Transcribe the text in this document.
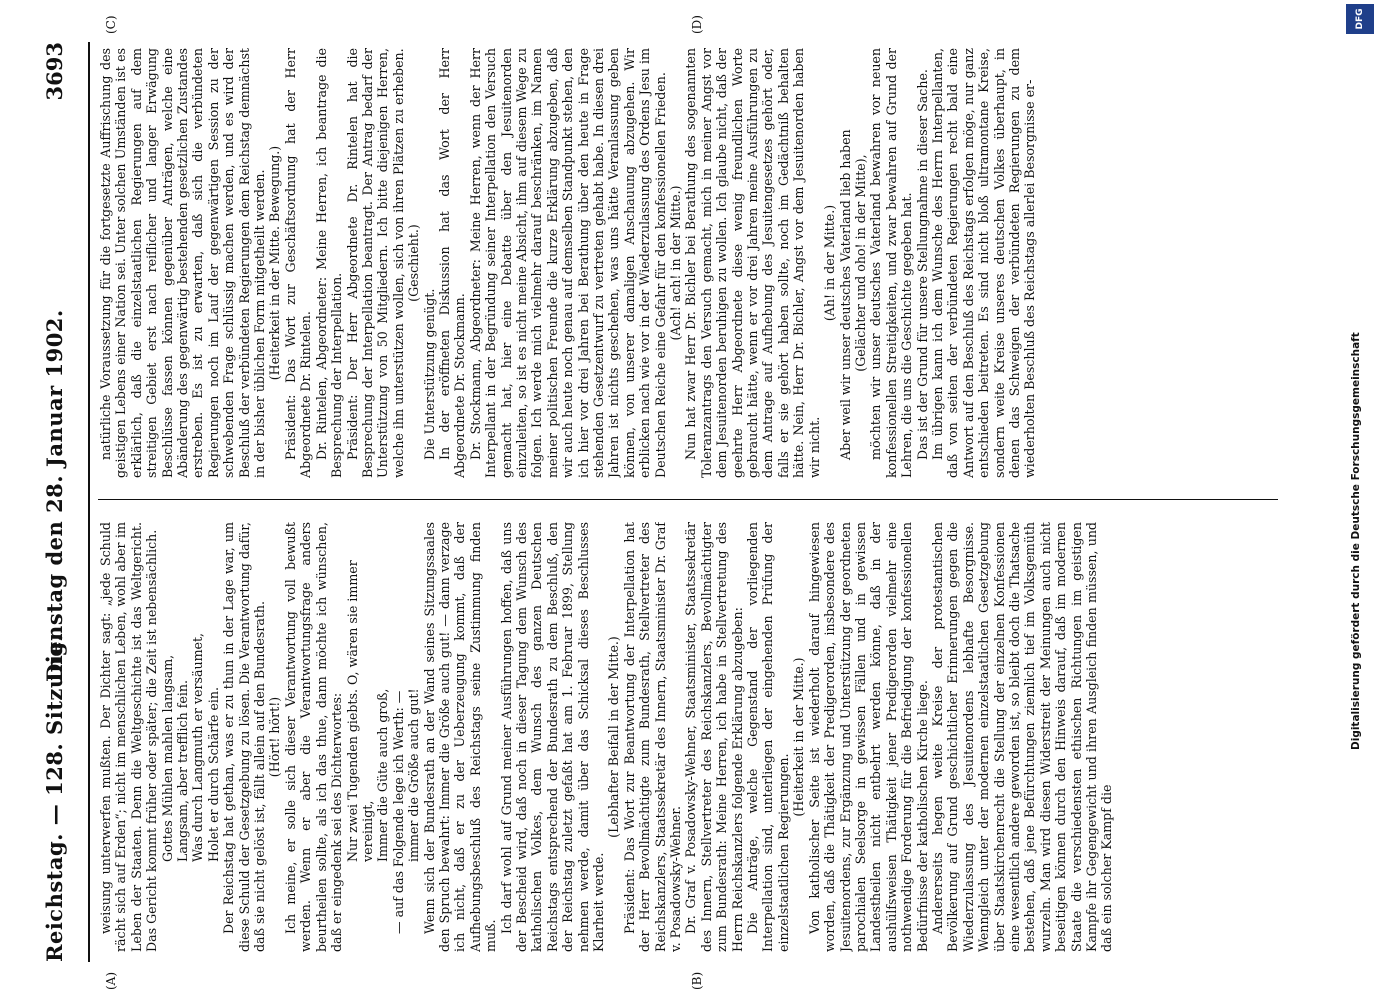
Reichstag. — 128. Sitzung.
Dienstag den 28. Januar 1902.
3693
(A)	(B)
(C)	(D)

weisung unterwerfen mußten. Der Dichter sagt: „jede Schuld rächt sich auf Erden“; nicht im menschlichen Leben, wohl aber im Leben der Staaten. Denn die Weltgeschichte ist das Weltgericht. Das Gericht kommt früher oder später; die Zeit ist nebensächlich. Gottes Mühlen mahlen langsam, Langsam, aber trefflich fein. Was durch Langmuth er versäumet, Holet er durch Schärfe ein. Der Reichstag hat gethan, was er zu thun in der Lage war, um diese Schuld der Gesetzgebung zu lösen. Die Verantwortung dafür, daß sie nicht gelöst ist, fällt allein auf den Bundesrath. (Hört! hört!) Ich meine, er solle sich dieser Verantwortung voll bewußt werden. Wenn er aber die Verantwortungsfrage anders beurtheilen sollte, als ich das thue, dann möchte ich wünschen, daß er eingedenk sei des Dichterwortes: Nur zwei Tugenden giebts. O, wären sie immer vereinigt, Immer die Güte auch groß, — auf das Folgende lege ich Werth: — immer die Größe auch gut! Wenn sich der Bundesrath an der Wand seines Sitzungssaales den Spruch bewahrt: Immer die Größe auch gut! — dann verzage ich nicht, daß er zu der Ueberzeugung kommt, daß der Aufhebungsbeschluß des Reichstags seine Zustimmung finden muß.

Ich darf wohl auf Grund meiner Ausführungen hoffen, daß uns der Bescheid wird, daß noch in dieser Tagung dem Wunsch des katholischen Volkes, dem Wunsch des ganzen Deutschen Reichstags entsprechend der Bundesrath zu dem Beschluß, den der Reichstag zuletzt gefaßt hat am 1. Februar 1899, Stellung nehmen werde, damit über das Schicksal dieses Beschlusses Klarheit werde.

(Lebhafter Beifall in der Mitte.) Präsident: Das Wort zur Beantwortung der Interpellation hat der Herr Bevollmächtigte zum Bundesrath, Stellvertreter des Reichskanzlers, Staatssekretär des Innern, Staatsminister Dr. Graf v. Posadowsky-Wehner. Dr. Graf v. Posadowsky-Wehner, Staatsminister, Staatssekretär des Innern, Stellvertreter des Reichskanzlers, Bevollmächtigter zum Bundesrath: Meine Herren, ich habe in Stellvertretung des Herrn Reichskanzlers folgende Erklärung abzugeben: Die Anträge, welche Gegenstand der vorliegenden Interpellation sind, unterliegen der eingehenden Prüfung der einzelstaatlichen Regierungen.

(Heiterkeit in der Mitte.) Von katholischer Seite ist wiederholt darauf hingewiesen worden, daß die Thätigkeit der Predigerorden, insbesondere des Jesuitenordens, zur Ergänzung und Unterstützung der geordneten parochialen Seelsorge in gewissen Fällen und in gewissen Landestheilen nicht entbehrt werden könne, daß in der aushülfsweisen Thätigkeit jener Predigerorden vielmehr eine nothwendige Forderung für die Befriedigung der konfessionellen Bedürfnisse der katholischen Kirche liege. Andererseits hegen weite Kreise der protestantischen Bevölkerung auf Grund geschichtlicher Erinnerungen gegen die Wiederzulassung des Jesuitenordens lebhafte Besorgnisse. Wenngleich unter der modernen einzelstaatlichen Gesetzgebung über Staatskirchenrecht die Stellung der einzelnen Konfessionen eine wesentlich andere geworden ist, so bleibt doch die Thatsache bestehen, daß jene Befürchtungen ziemlich tief im Volksgemüth wurzeln. Man wird diesen Widerstreit der Meinungen auch nicht beseitigen können durch den Hinweis darauf, daß im modernen Staate die verschiedensten ethischen Richtungen im geistigen Kampfe ihr Gegengewicht und ihren Ausgleich finden müssen, und daß ein solcher Kampf die

natürliche Voraussetzung für die fortgesetzte Auffrischung des geistigen Lebens einer Nation sei. Unter solchen Umständen ist es erklärlich, daß die einzelstaatlichen Regierungen auf dem streitigen Gebiet erst nach reiflicher und langer Erwägung Beschlüsse fassen können gegenüber Anträgen, welche eine Abänderung des gegenwärtig bestehenden gesetzlichen Zustandes erstreben. Es ist zu erwarten, daß sich die verbündeten Regierungen noch im Lauf der gegenwärtigen Session zu der schwebenden Frage schlüssig machen werden, und es wird der Beschluß der verbündeten Regierungen dem Reichstag demnächst in der bisher üblichen Form mitgetheilt werden. (Heiterkeit in der Mitte. Bewegung.) Präsident: Das Wort zur Geschäftsordnung hat der Herr Abgeordnete Dr. Rintelen. Dr. Rintelen, Abgeordneter: Meine Herren, ich beantrage die Besprechung der Interpellation. Präsident: Der Herr Abgeordnete Dr. Rintelen hat die Besprechung der Interpellation beantragt. Der Antrag bedarf der Unterstützung von 50 Mitgliedern. Ich bitte diejenigen Herren, welche ihn unterstützen wollen, sich von ihren Plätzen zu erheben. (Geschieht.)

Die Unterstützung genügt. In der eröffneten Diskussion hat das Wort der Herr Abgeordnete Dr. Stockmann. Dr. Stockmann, Abgeordneter: Meine Herren, wenn der Herr Interpellant in der Begründung seiner Interpellation den Versuch gemacht hat, hier eine Debatte über den Jesuitenorden einzuleiten, so ist es nicht meine Absicht, ihm auf diesem Wege zu folgen. Ich werde mich vielmehr darauf beschränken, im Namen meiner politischen Freunde die kurze Erklärung abzugeben, daß wir auch heute noch genau auf demselben Standpunkt stehen, den ich hier vor drei Jahren bei Berathung über den heute in Frage stehenden Gesetzentwurf zu vertreten gehabt habe. In diesen drei Jahren ist nichts geschehen, was uns hätte Veranlassung geben können, von unserer damaligen Anschauung abzugehen. Wir erblicken nach wie vor in der Wiederzulassung des Ordens Jesu im Deutschen Reiche eine Gefahr für den konfessionellen Frieden. (Ach! ach! in der Mitte.) Nun hat zwar Herr Dr. Bichler bei Berathung des sogenannten Toleranzantrags den Versuch gemacht, mich in meiner Angst vor dem Jesuitenorden beruhigen zu wollen. Ich glaube nicht, daß der geehrte Herr Abgeordnete diese wenig freundlichen Worte gebraucht hätte, wenn er vor drei Jahren meine Ausführungen zu dem Antrage auf Aufhebung des Jesuitengesetzes gehört oder, falls er sie gehört haben sollte, noch im Gedächtniß behalten hätte. Nein, Herr Dr. Bichler, Angst vor dem Jesuitenorden haben wir nicht.

(Ah! in der Mitte.) Aber weil wir unser deutsches Vaterland lieb haben (Gelächter und oho! in der Mitte), möchten wir unser deutsches Vaterland bewahren vor neuen konfessionellen Streitigkeiten, und zwar bewahren auf Grund der Lehren, die uns die Geschichte gegeben hat. Das ist der Grund für unsere Stellungnahme in dieser Sache. Im übrigen kann ich dem Wunsche des Herrn Interpellanten, daß von seiten der verbündeten Regierungen recht bald eine Antwort auf den Beschluß des Reichstags erfolgen möge, nur ganz entschieden beitreten. Es sind nicht bloß ultramontane Kreise, sondern weite Kreise unseres deutschen Volkes überhaupt, in denen das Schweigen der verbündeten Regierungen zu dem wiederholten Beschluß des Reichstags allerlei Besorgnisse er-

Digitalisierung gefördert durch die Deutsche Forschungsgemeinschaft
DFG
